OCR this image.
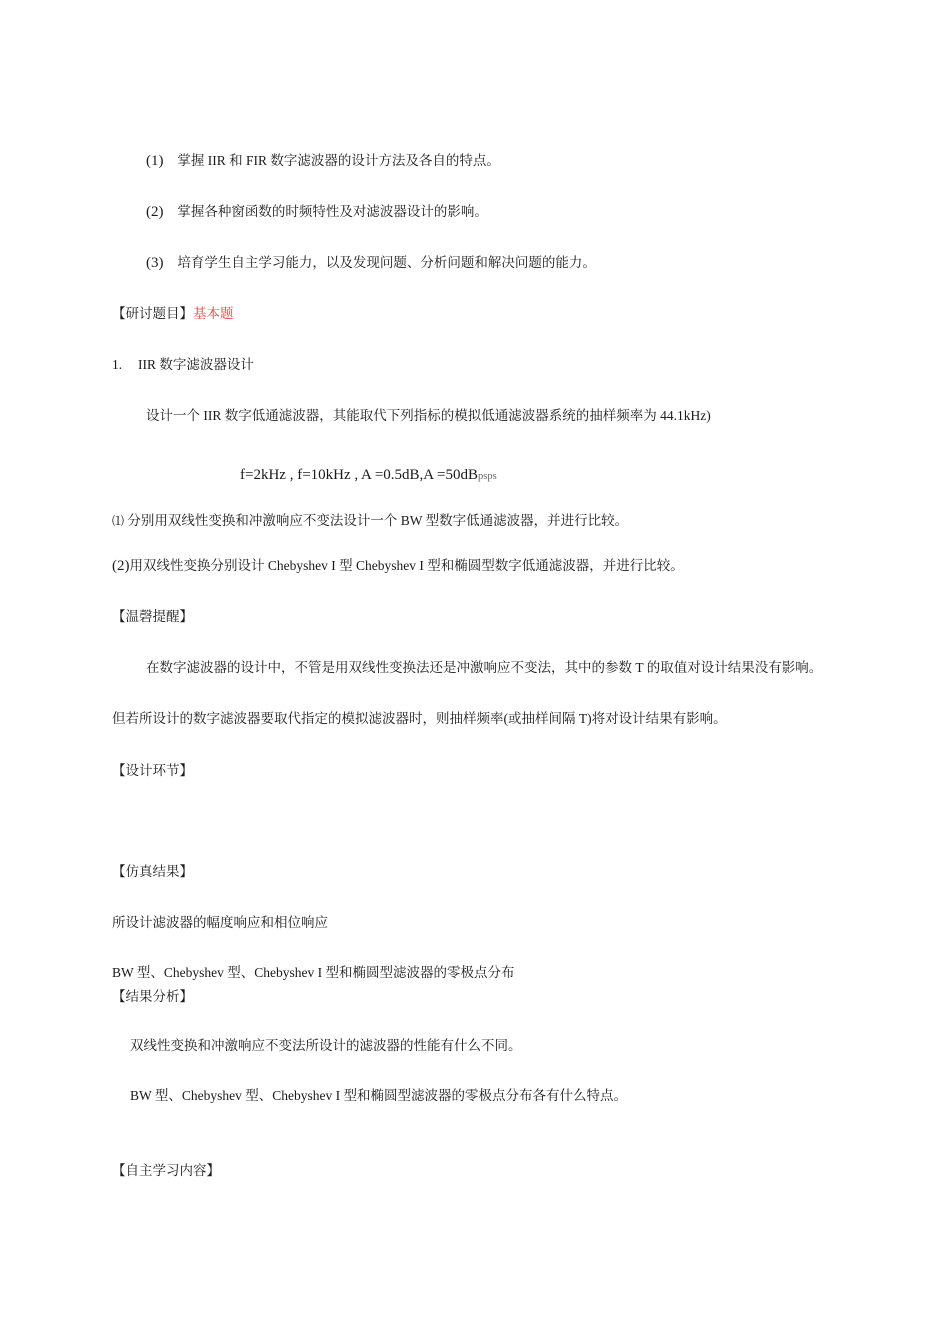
(1) 掌握 IIR 和 FIR 数字滤波器的设计方法及各自的特点。
(2) 掌握各种窗函数的时频特性及对滤波器设计的影响。
(3) 培育学生自主学习能力，以及发现问题、分析问题和解决问题的能力。
【研讨题目】基本题
1. IIR 数字滤波器设计
设计一个 IIR 数字低通滤波器，其能取代下列指标的模拟低通滤波器系统的抽样频率为 44.1kHz)
f=2kHz , f=10kHz , A =0.5dB,A =50dBpsps
⑴ 分别用双线性变换和冲激响应不变法设计一个 BW 型数字低通滤波器，并进行比较。
(2)用双线性变换分别设计 Chebyshev I 型 Chebyshev I 型和椭圆型数字低通滤波器，并进行比较。
【温磬提醒】
在数字滤波器的设计中，不管是用双线性变换法还是冲激响应不变法，其中的参数 T 的取值对设计结果没有影响。
但若所设计的数字滤波器要取代指定的模拟滤波器时，则抽样频率(或抽样间隔 T)将对设计结果有影响。
【设计环节】
【仿真结果】
所设计滤波器的幅度响应和相位响应
BW 型、Chebyshev 型、Chebyshev I 型和椭圆型滤波器的零极点分布
【结果分析】
双线性变换和冲激响应不变法所设计的滤波器的性能有什么不同。
BW 型、Chebyshev 型、Chebyshev I 型和椭圆型滤波器的零极点分布各有什么特点。
【自主学习内容】
